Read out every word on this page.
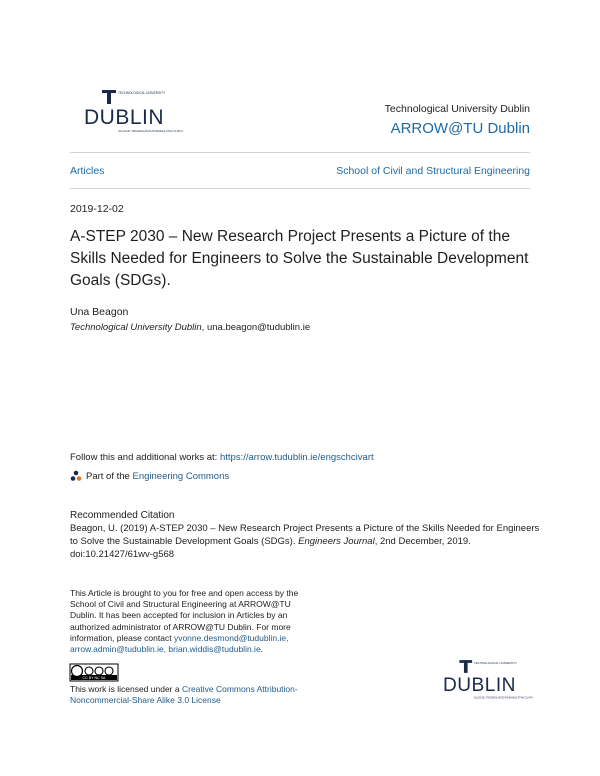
TECHNOLOGICAL UNIVERSITY
DUBLIN
OLLSCOIL TEICNEOLAÍOCHTA BHAILE ÁTHA CLIATH
Technological University Dublin
ARROW@TU Dublin
Articles	School of Civil and Structural Engineering
2019-12-02
A-STEP 2030 – New Research Project Presents a Picture of the Skills Needed for Engineers to Solve the Sustainable Development Goals (SDGs).
Una Beagon
Technological University Dublin, una.beagon@tudublin.ie
Follow this and additional works at: https://arrow.tudublin.ie/engschcivart
Part of the Engineering Commons
Recommended Citation
Beagon, U. (2019) A-STEP 2030 – New Research Project Presents a Picture of the Skills Needed for Engineers to Solve the Sustainable Development Goals (SDGs). Engineers Journal, 2nd December, 2019. doi:10.21427/61wv-g568
This Article is brought to you for free and open access by the School of Civil and Structural Engineering at ARROW@TU Dublin. It has been accepted for inclusion in Articles by an authorized administrator of ARROW@TU Dublin. For more information, please contact yvonne.desmond@tudublin.ie, arrow.admin@tudublin.ie, brian.widdis@tudublin.ie.
CC BY NC SA
This work is licensed under a Creative Commons Attribution-Noncommercial-Share Alike 3.0 License
TECHNOLOGICAL UNIVERSITY
DUBLIN
OLLSCOIL TEICNEOLAÍOCHTA BHAILE ÁTHA CLIATH
